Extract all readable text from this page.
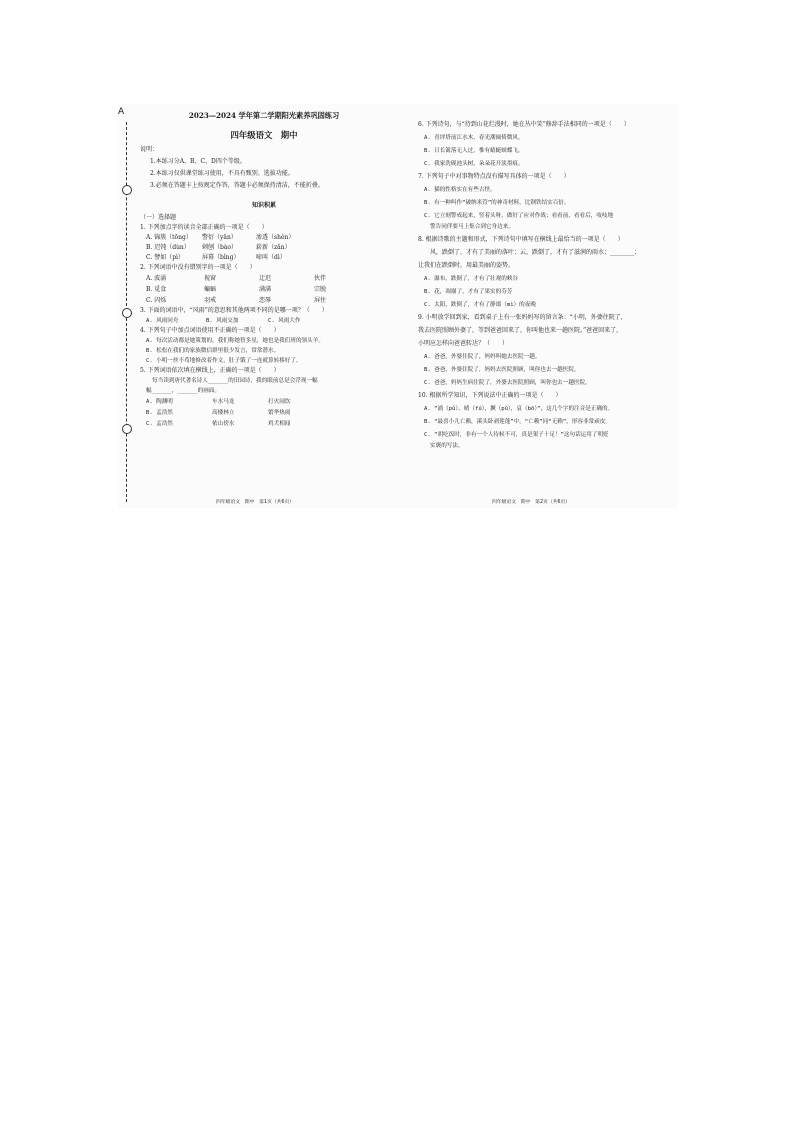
A	2023—2024 学年第二学期阳光素养巩固练习
四年级语文　期中

说明：

1.本练习分A、B、C、D四个等级。

2.本练习仅供课堂练习使用，不具有甄别、选拔功能。

3.必须在答题卡上按规定作答，答题卡必须保持清洁，不能折叠。

知识积累

（一）选择题

1. 下列加点字的读音全部正确的一项是（　　）

A. 锦簇（tōng）	警衍（yǎn）	渗透（shèn）
B. 迟钝（dùn）	刺刨（bào）	崭新（zǎn）
C. 譬如（pì）	屏幕（bǐng）	啼叫（dì）

2. 下列词语中没有错别字的一项是（　　）

A. 波涌	视窗	迂迟	伙伴
B. 觅食	蝙蝠	满满	宗脱
C. 闪烁	羽戒	恋辱	屏住

3. 下面的词语中，“风雨”的意思和其他两项不同的是哪一项？（　　）

A. 风雨同舟	B. 风雨交加	C. 风雨大作

4. 下列句子中加点词语使用不正确的一项是（　　）

A. 每次活动都是她策划的，我们称她智多星，她也是我们班的领头羊。

B. 松松在我们的家族微信群里很少发言，常常潜水。

C. 小明一丝不苟地修改着作文，肚子饿了一连就算转移好了。

5. 下列词语依次填在横线上，正确的一项是（　　）

每当读到唐代著名诗人______的田园诗，我的眼前总是会浮现一幅

幅______，______的画面。

A. 陶渊明	车水马龙	打火闹饮
B. 孟浩然	高楼林立	繁华热闹
C. 孟浩然	依山傍水	鸡犬相闻
四年级语文　期中　第1页（共6页）

6. 下列诗句，与“待到山花烂漫时，她在丛中笑”修辞手法相同的一项是（　　）

A. 青坪塔前江水木，春光潮阔倚微风。

B. 日长篱落无人过，惟有蜻蜓蛱蝶飞。

C. 我家洗砚池头树，朵朵花开淡墨痕。

7. 下列句子中对事物特点没有描写具体的一项是（　　）

A. 猫的性格实在有些古怪。

B. 有一种叫作“破纳米管”的神奇材料，比钢铁结实百倍。

C. 它立刻警戒起来，竖着头呀，做好了应对作战；看看前，看看后，吱吱地

警告同伴要马上集合到它身边来。

8. 根据诗歌的主题和形式，下列诗句中填写在横线上最恰当的一项是（　　）

风，跌倒了，才有了美丽的落叶；云，跌倒了，才有了滋润的雨水；________；

让我们在跌倒时，用最美丽的姿势。

A. 瀑布，跌倒了，才有了壮观的峡谷

B. 花，凋谢了，才有了果实的芬芳

C. 太阳，跌倒了，才有了静谧（mì）的夜晚

9. 小明放学回到家，看到桌子上有一张妈妈写的留言条：“小明，外婆住院了，

我去医院照顾外婆了，等到爸爸回来了，你叫他也来一趟医院。”爸爸回来了，

小明应怎样向爸爸转达？（　　）

A. 爸爸，外婆住院了，妈妈叫她去医院一趟。

B. 爸爸，外婆住院了，妈妈去医院照顾，叫你也去一趟医院。

C. 爸爸，妈妈生病住院了，外婆去医院照顾，叫你也去一趟医院。

10. 根据所学知识，下列说法中正确的一项是（　　）

A. “浦（pǔ）、晴（fú），撅（pǔ），哀（bō）”，这几个字的注音是正确的。

B. “最喜小儿亡赖，溪头卧剥莲蓬”中，“亡赖”同“无赖”，形容非常顽皮。

C. “胡吃饭时，非有一个人待候不可，真是架子十足！”这句话运用了明贬

实褒的写法。

四年级语文　期中　第2页（共6页）
